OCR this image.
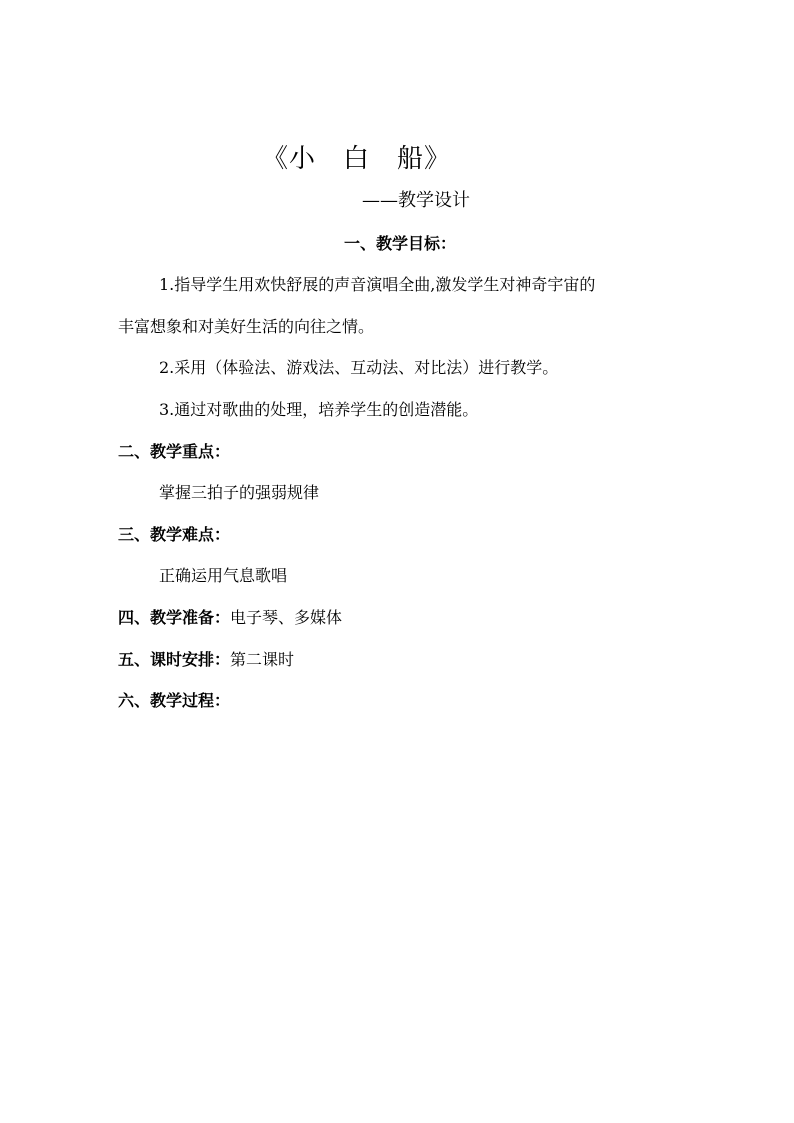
《小　白　船》
——教学设计
一、教学目标：
1.指导学生用欢快舒展的声音演唱全曲,激发学生对神奇宇宙的
丰富想象和对美好生活的向往之情。
2.采用（体验法、游戏法、互动法、对比法）进行教学。
3.通过对歌曲的处理，培养学生的创造潜能。
二、教学重点：
掌握三拍子的强弱规律
三、教学难点：
正确运用气息歌唱
四、教学准备：电子琴、多媒体
五、课时安排：第二课时
六、教学过程：
